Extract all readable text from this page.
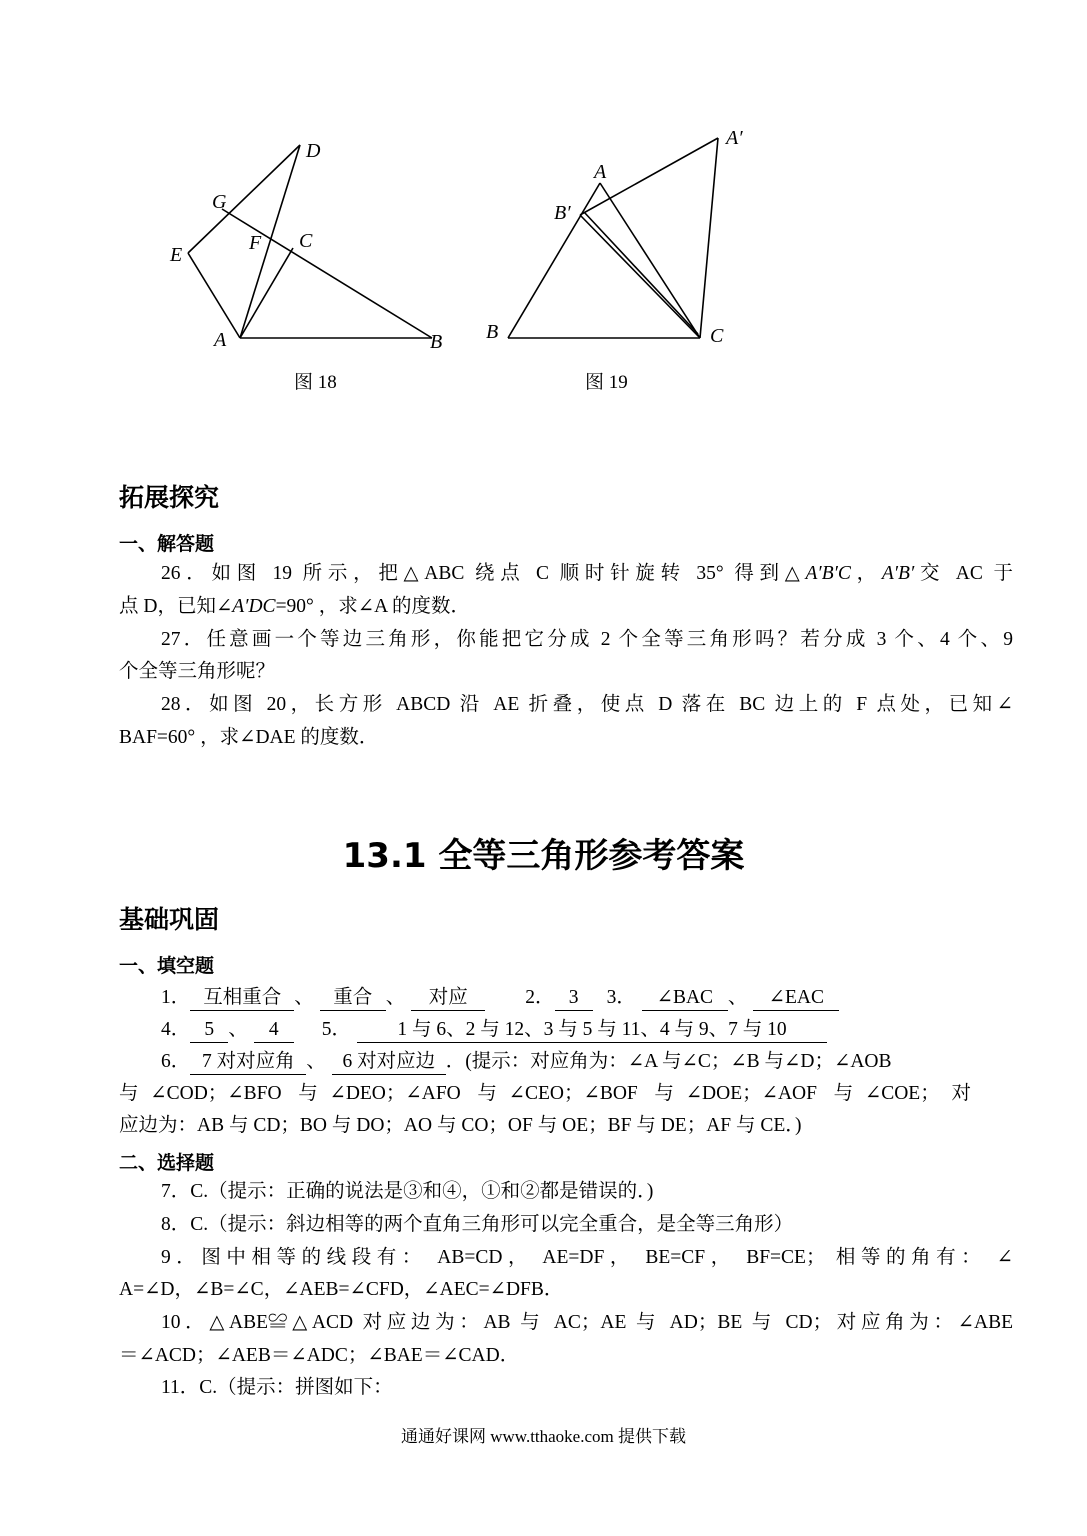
D
G
E
F C
A	B
图 18
A
A′
B′
B	C
图 19
拓展探究
一、解答题
26．如图 19 所示，把△ABC 绕点 C 顺时针旋转 35° 得到△A′B′C，A′B′交 AC 于
点 D，已知∠A′DC=90° ，求∠A 的度数．
27．任意画一个等边三角形，你能把它分成 2 个全等三角形吗？若分成 3 个、4 个、9
个全等三角形呢？
28．如图 20，长方形 ABCD 沿 AE 折叠，使点 D 落在 BC 边上的 F 点处，已知∠
BAF=60° ，求∠DAE 的度数．
13.1 全等三角形参考答案
基础巩固
一、填空题
1． 互相重合 、 重合 、 对应	2． 3 3． ∠BAC 、 ∠EAC
4． 5 、 4 5． 1 与 6、2 与 12、3 与 5 与 11、4 与 9、7 与 10
6． 7 对对应角 、 6 对对应边 ．(提示：对应角为：∠A 与∠C；∠B 与∠D；∠AOB
与∠COD；∠BFO 与∠DEO；∠AFO 与∠CEO；∠BOF 与∠DOE；∠AOF 与∠COE；对
应边为：AB 与 CD；BO 与 DO；AO 与 CO；OF 与 OE；BF 与 DE；AF 与 CE．)
二、选择题
7．C.（提示：正确的说法是③和④，①和②都是错误的．)
8．C.（提示：斜边相等的两个直角三角形可以完全重合，是全等三角形）
9．图中相等的线段有： AB=CD， AE=DF， BE=CF， BF=CE； 相等的角有： ∠
A=∠D，∠B=∠C，∠AEB=∠CFD，∠AEC=∠DFB．
10．△ABE≌△ACD 对应边为：AB 与 AC；AE 与 AD；BE 与 CD；对应角为：∠ABE
＝∠ACD；∠AEB＝∠ADC；∠BAE＝∠CAD．
11．C.（提示：拼图如下：
通通好课网 www.tthaoke.com 提供下载
